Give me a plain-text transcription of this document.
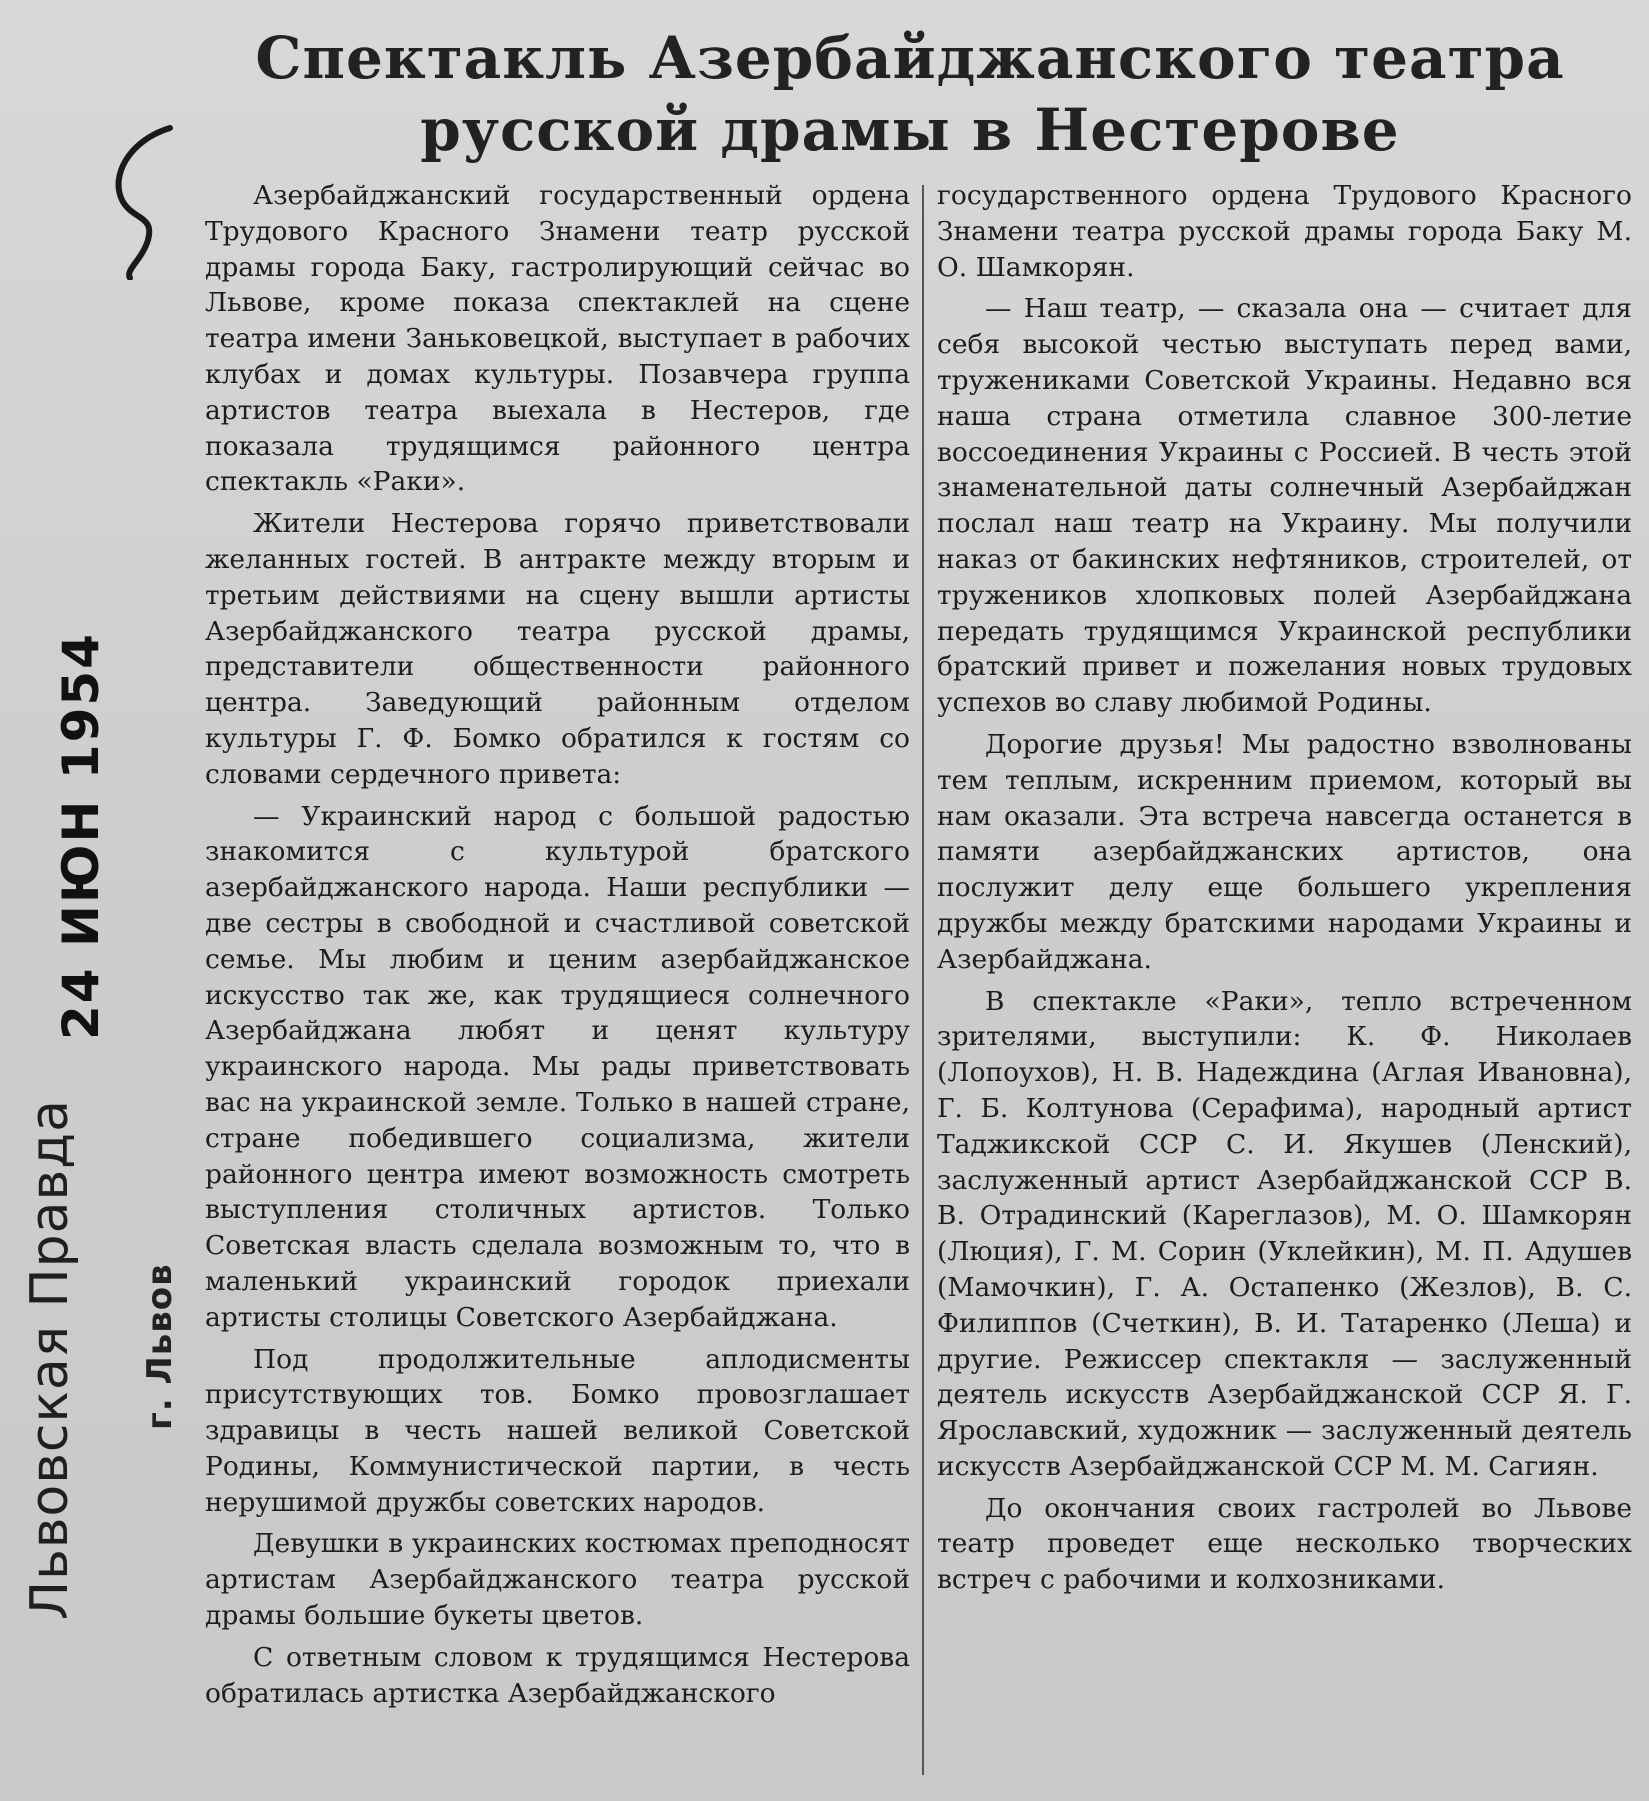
Спектакль Азербайджанского театра
русской драмы в Нестерове
Львовская Правда
24 ИЮН 1954
г. Львов

Азербайджанский государственный ордена Трудового Красного Знамени театр русской драмы города Баку, гастролирующий сейчас во Львове, кроме показа спектаклей на сцене театра имени Заньковецкой, выступает в рабочих клубах и домах культуры. Позавчера группа артистов театра выехала в Нестеров, где показала трудящимся районного центра спектакль «Раки».

Жители Нестерова горячо приветствовали желанных гостей. В антракте между вторым и третьим действиями на сцену вышли артисты Азербайджанского театра русской драмы, представители общественности районного центра. Заведующий районным отделом культуры Г. Ф. Бомко обратился к гостям со словами сердечного привета:

— Украинский народ с большой радостью знакомится с культурой братского азербайджанского народа. Наши республики — две сестры в свободной и счастливой советской семье. Мы любим и ценим азербайджанское искусство так же, как трудящиеся солнечного Азербайджана любят и ценят культуру украинского народа. Мы рады приветствовать вас на украинской земле. Только в нашей стране, стране победившего социализма, жители районного центра имеют возможность смотреть выступления столичных артистов. Только Советская власть сделала возможным то, что в маленький украинский городок приехали артисты столицы Советского Азербайджана.

Под продолжительные аплодисменты присутствующих тов. Бомко провозглашает здравицы в честь нашей великой Советской Родины, Коммунистической партии, в честь нерушимой дружбы советских народов.

Девушки в украинских костюмах преподносят артистам Азербайджанского театра русской драмы большие букеты цветов.

С ответным словом к трудящимся Нестерова обратилась артистка Азербайджанского

государственного ордена Трудового Красного Знамени театра русской драмы города Баку М. О. Шамкорян.

— Наш театр, — сказала она — считает для себя высокой честью выступать перед вами, тружениками Советской Украины. Недавно вся наша страна отметила славное 300-летие воссоединения Украины с Россией. В честь этой знаменательной даты солнечный Азербайджан послал наш театр на Украину. Мы получили наказ от бакинских нефтяников, строителей, от тружеников хлопковых полей Азербайджана передать трудящимся Украинской республики братский привет и пожелания новых трудовых успехов во славу любимой Родины.

Дорогие друзья! Мы радостно взволнованы тем теплым, искренним приемом, который вы нам оказали. Эта встреча навсегда останется в памяти азербайджанских артистов, она послужит делу еще большего укрепления дружбы между братскими народами Украины и Азербайджана.

В спектакле «Раки», тепло встреченном зрителями, выступили: К. Ф. Николаев (Лопоухов), Н. В. Надеждина (Аглая Ивановна), Г. Б. Колтунова (Серафима), народный артист Таджикской ССР С. И. Якушев (Ленский), заслуженный артист Азербайджанской ССР В. В. Отрадинский (Кареглазов), М. О. Шамкорян (Люция), Г. М. Сорин (Уклейкин), М. П. Адушев (Мамочкин), Г. А. Остапенко (Жезлов), В. С. Филиппов (Счеткин), В. И. Татаренко (Леша) и другие. Режиссер спектакля — заслуженный деятель искусств Азербайджанской ССР Я. Г. Ярославский, художник — заслуженный деятель искусств Азербайджанской ССР М. М. Сагиян.

До окончания своих гастролей во Львове театр проведет еще несколько творческих встреч с рабочими и колхозниками.
